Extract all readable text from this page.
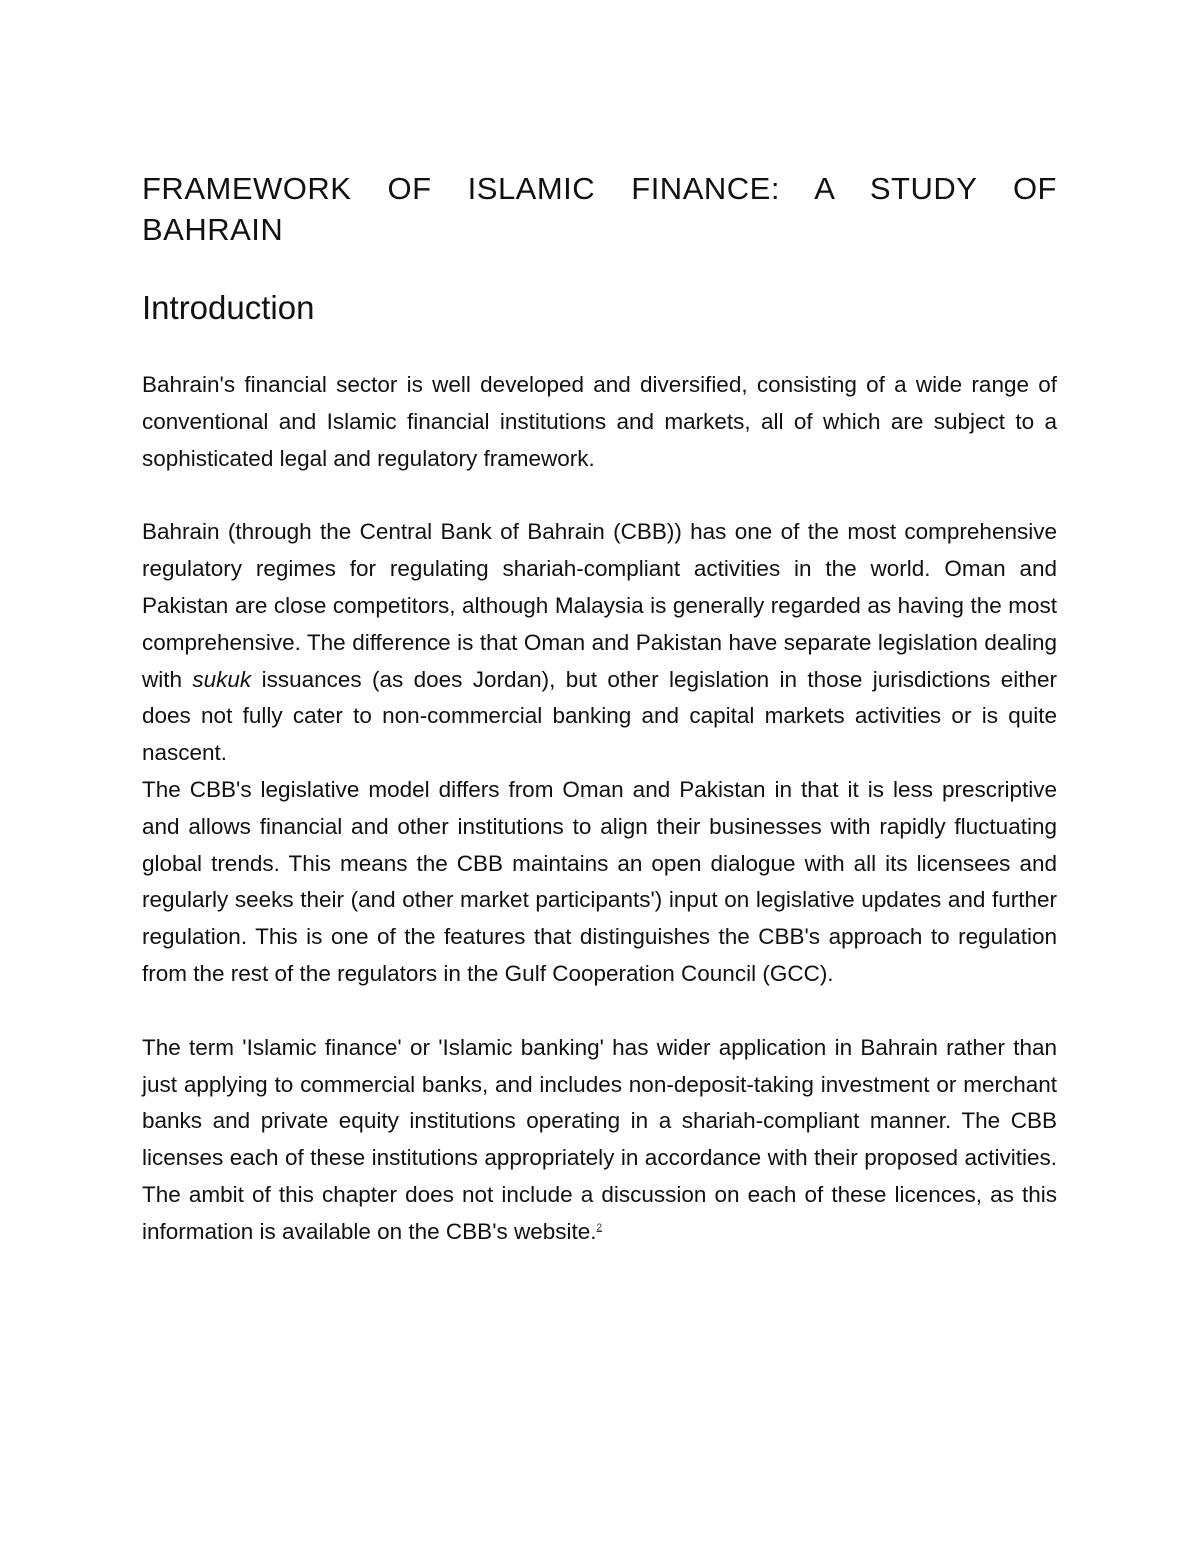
FRAMEWORK OF ISLAMIC FINANCE: A STUDY OF BAHRAIN
Introduction

Bahrain's financial sector is well developed and diversified, consisting of a wide range of conventional and Islamic financial institutions and markets, all of which are subject to a sophisticated legal and regulatory framework.

Bahrain (through the Central Bank of Bahrain (CBB)) has one of the most comprehensive regulatory regimes for regulating shariah-compliant activities in the world. Oman and Pakistan are close competitors, although Malaysia is generally regarded as having the most comprehensive. The difference is that Oman and Pakistan have separate legislation dealing with sukuk issuances (as does Jordan), but other legislation in those jurisdictions either does not fully cater to non-commercial banking and capital markets activities or is quite nascent.

The CBB's legislative model differs from Oman and Pakistan in that it is less prescriptive and allows financial and other institutions to align their businesses with rapidly fluctuating global trends. This means the CBB maintains an open dialogue with all its licensees and regularly seeks their (and other market participants') input on legislative updates and further regulation. This is one of the features that distinguishes the CBB's approach to regulation from the rest of the regulators in the Gulf Cooperation Council (GCC).

The term 'Islamic finance' or 'Islamic banking' has wider application in Bahrain rather than just applying to commercial banks, and includes non-deposit-taking investment or merchant banks and private equity institutions operating in a shariah-compliant manner. The CBB licenses each of these institutions appropriately in accordance with their proposed activities. The ambit of this chapter does not include a discussion on each of these licences, as this information is available on the CBB's website.$^2$
